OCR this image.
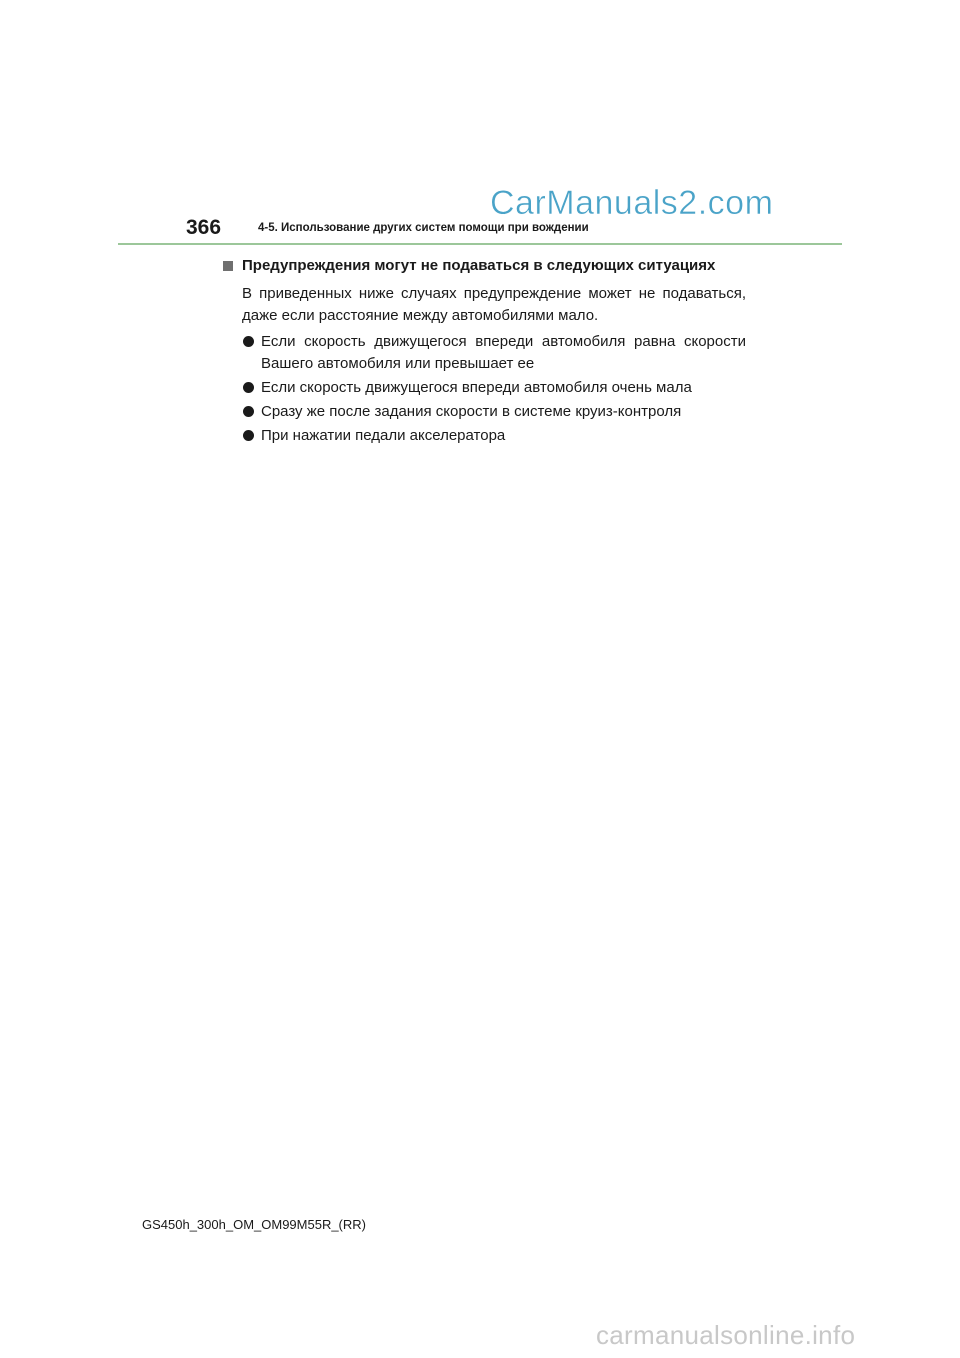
CarManuals2.com
366	4-5. Использование других систем помощи при вождении
Предупреждения могут не подаваться в следующих ситуациях
В приведенных ниже случаях предупреждение может не подаваться, даже если расстояние между автомобилями мало.
Если скорость движущегося впереди автомобиля равна скорости Вашего автомобиля или превышает ее
Если скорость движущегося впереди автомобиля очень мала
Сразу же после задания скорости в системе круиз-контроля
При нажатии педали акселератора
GS450h_300h_OM_OM99M55R_(RR)
carmanualsonline.info
